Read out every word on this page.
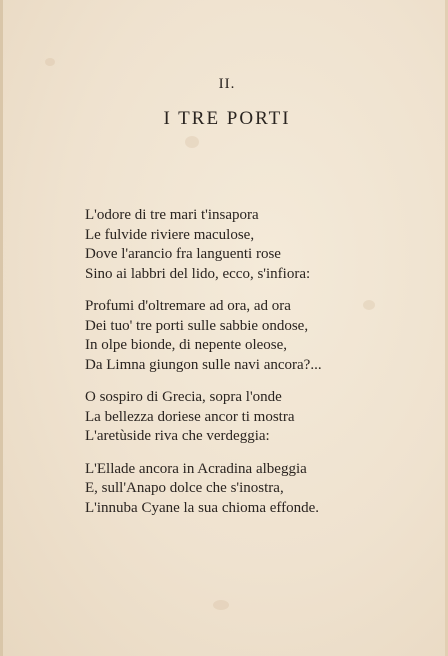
II.
I TRE PORTI
L'odore di tre mari t'insapora
Le fulvide riviere maculose,
Dove l'arancio fra languenti rose
Sino ai labbri del lido, ecco, s'infiora:
Profumi d'oltremare ad ora, ad ora
Dei tuo' tre porti sulle sabbie ondose,
In olpe bionde, di nepente oleose,
Da Limna giungon sulle navi ancora?...
O sospiro di Grecia, sopra l'onde
La bellezza doriese ancor ti mostra
L'aretùside riva che verdeggia:
L'Ellade ancora in Acradina albeggia
E, sull'Anapo dolce che s'inostra,
L'innuba Cyane la sua chioma effonde.
